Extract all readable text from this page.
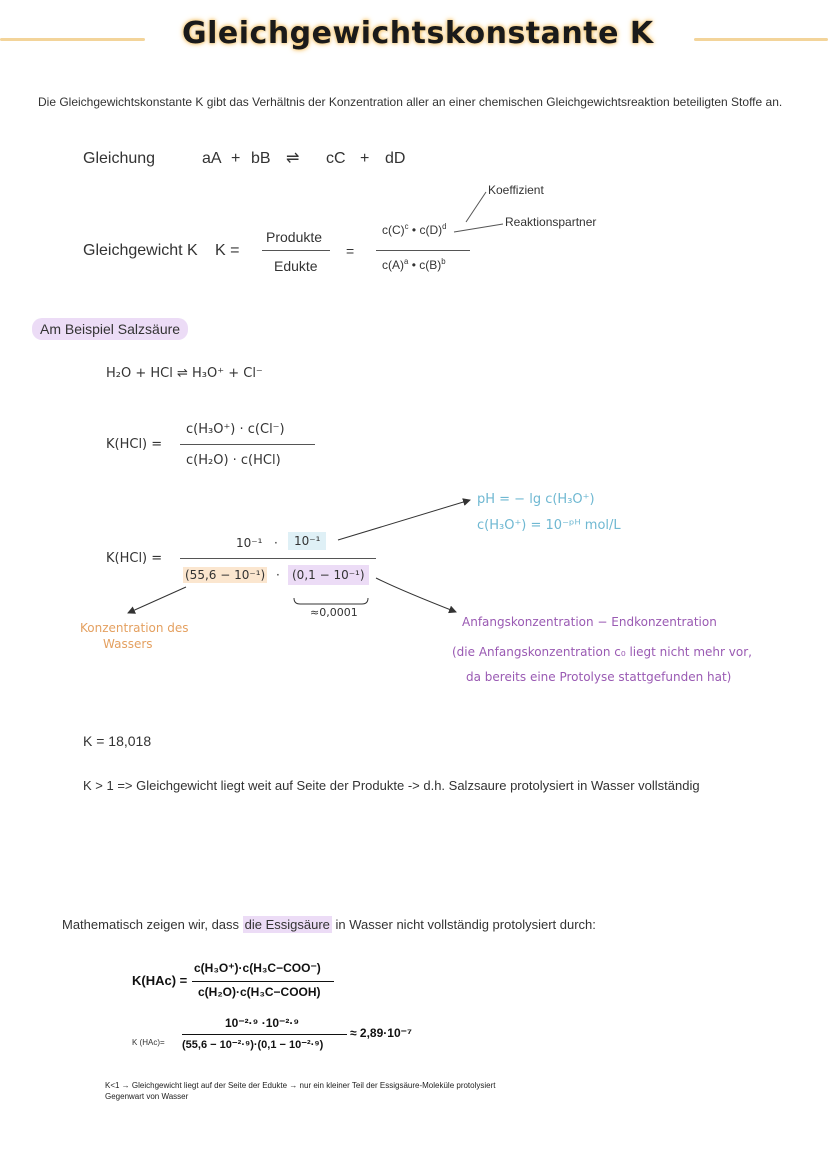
Gleichgewichtskonstante K
Die Gleichgewichtskonstante K gibt das Verhältnis der Konzentration aller an einer chemischen Gleichgewichtsreaktion beteiligten Stoffe an.
Gleichung	aA + bB ⇌ cC + dD
Koeffizient
Reaktionspartner
Gleichgewicht K K =
Produkte
Edukte
=
$c(C)^c$ • $c(D)^d$
$c(A)^a$ • $c(B)^b$
Am Beispiel Salzsäure
H₂O + HCl ⇌ H₃O⁺ + Cl⁻
K(HCl) =
c(H₃O⁺) · c(Cl⁻)
c(H₂O) · c(HCl)
pH = − lg c(H₃O⁺)
c(H₃O⁺) = 10⁻ᵖᴴ mol/L
K(HCl) =
10⁻¹ ·	10⁻¹
(55,6 − 10⁻¹) ·	(0,1 − 10⁻¹)
≈0,0001
Konzentration des
Wassers
Anfangskonzentration − Endkonzentration
(die Anfangskonzentration c₀ liegt nicht mehr vor,
da bereits eine Protolyse stattgefunden hat)
K = 18,018
K > 1 => Gleichgewicht liegt weit auf Seite der Produkte -> d.h. Salzsaure protolysiert in Wasser vollständig
Mathematisch zeigen wir, dass die Essigsäure in Wasser nicht vollständig protolysiert durch:
K(HAc) =
c(H₃O⁺)·c(H₃C−COO⁻)
c(H₂O)·c(H₃C−COOH)
K (HAc)=
10⁻²·⁹ ·10⁻²·⁹
(55,6 − 10⁻²·⁹)·(0,1 − 10⁻²·⁹)
≈ 2,89·10⁻⁷
K<1 → Gleichgewicht liegt auf der Seite der Edukte → nur ein kleiner Teil der Essigsäure-Moleküle protolysiert
Gegenwart von Wasser
